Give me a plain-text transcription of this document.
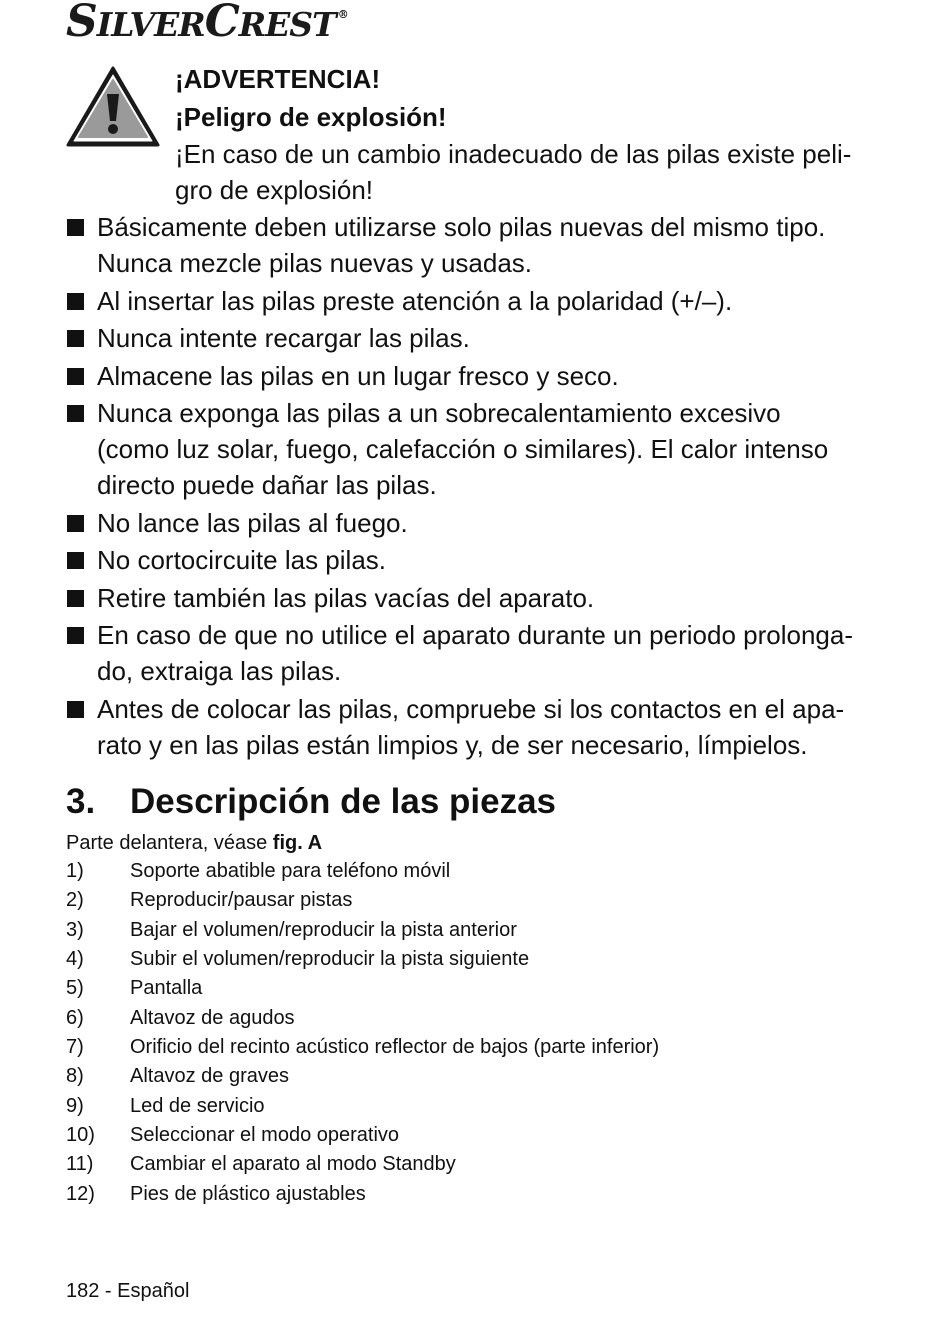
SILVERCREST ®

¡ADVERTENCIA!

¡Peligro de explosión!

¡En caso de un cambio inadecuado de las pilas existe peli-

gro de explosión!

Básicamente deben utilizarse solo pilas nuevas del mismo tipo.
Nunca mezcle pilas nuevas y usadas.
Al insertar las pilas preste atención a la polaridad (+/–).
Nunca intente recargar las pilas.
Almacene las pilas en un lugar fresco y seco.
Nunca exponga las pilas a un sobrecalentamiento excesivo
(como luz solar, fuego, calefacción o similares). El calor intenso
directo puede dañar las pilas.
No lance las pilas al fuego.
No cortocircuite las pilas.
Retire también las pilas vacías del aparato.
En caso de que no utilice el aparato durante un periodo prolonga-
do, extraiga las pilas.
Antes de colocar las pilas, compruebe si los contactos en el apa-
rato y en las pilas están limpios y, de ser necesario, límpielos.
3. Descripción de las piezas

Parte delantera, véase fig. A

1) Soporte abatible para teléfono móvil
2) Reproducir/pausar pistas
3) Bajar el volumen/reproducir la pista anterior
4) Subir el volumen/reproducir la pista siguiente
5) Pantalla
6) Altavoz de agudos
7) Orificio del recinto acústico reflector de bajos (parte inferior)
8) Altavoz de graves
9) Led de servicio
10) Seleccionar el modo operativo
11) Cambiar el aparato al modo Standby
12) Pies de plástico ajustables
182 - Español
